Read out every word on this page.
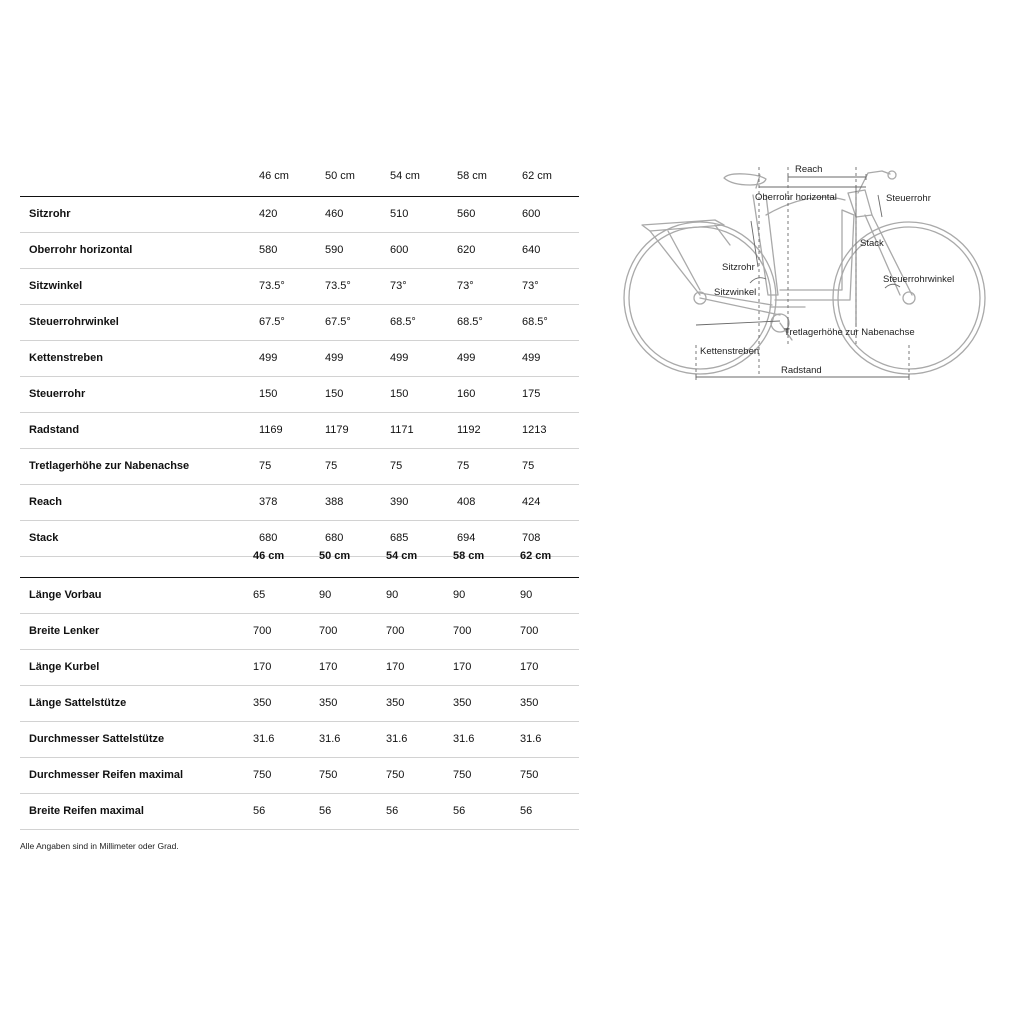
46 cm	50 cm	54 cm	58 cm	62 cm
Sitzrohr	420	460	510	560	600
Oberrohr horizontal	580	590	600	620	640
Sitzwinkel	73.5°	73.5°	73°	73°	73°
Steuerrohrwinkel	67.5°	67.5°	68.5°	68.5°	68.5°
Kettenstreben	499	499	499	499	499
Steuerrohr	150	150	150	160	175
Radstand	1169	1179	1171	1192	1213
Tretlagerhöhe zur Nabenachse	75	75	75	75	75
Reach	378	388	390	408	424
Stack	680	680	685	694	708
46 cm	50 cm	54 cm	58 cm	62 cm
Länge Vorbau	65	90	90	90	90
Breite Lenker	700	700	700	700	700
Länge Kurbel	170	170	170	170	170
Länge Sattelstütze	350	350	350	350	350
Durchmesser Sattelstütze	31.6	31.6	31.6	31.6	31.6
Durchmesser Reifen maximal	750	750	750	750	750
Breite Reifen maximal	56	56	56	56	56
Alle Angaben sind in Millimeter oder Grad.
Reach
Oberrohr horizontal	Steuerrohr
Stack
Sitzrohr
Steuerrohrwinkel
Sitzwinkel
Tretlagerhöhe zur Nabenachse
Kettenstreben
Radstand
